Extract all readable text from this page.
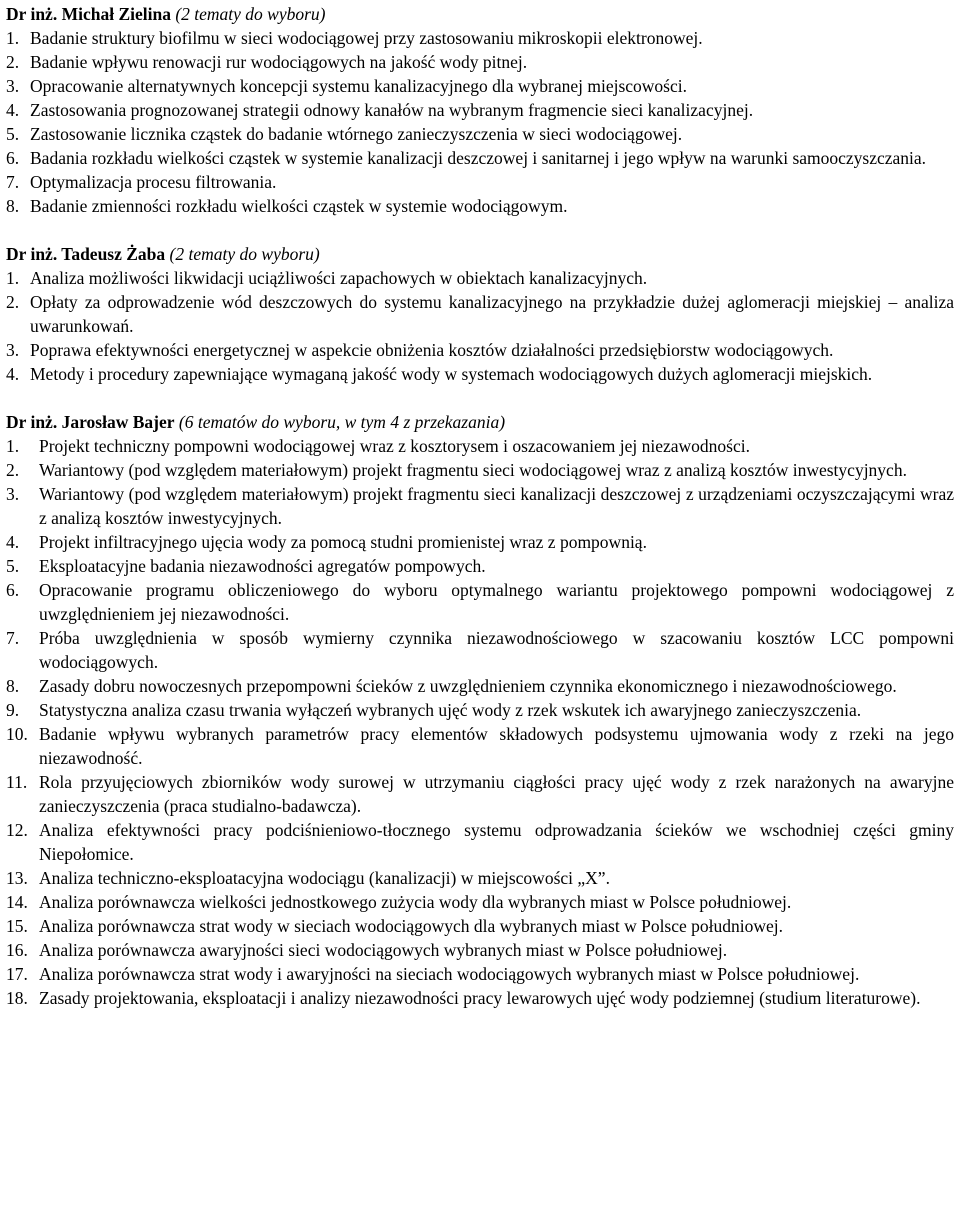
Dr inż. Michał Zielina (2 tematy do wyboru)

1. Badanie struktury biofilmu w sieci wodociągowej przy zastosowaniu mikroskopii elektronowej.
2. Badanie wpływu renowacji rur wodociągowych na jakość wody pitnej.
3. Opracowanie alternatywnych koncepcji systemu kanalizacyjnego dla wybranej miejscowości.
4. Zastosowania prognozowanej strategii odnowy kanałów na wybranym fragmencie sieci kanalizacyjnej.
5. Zastosowanie licznika cząstek do badanie wtórnego zanieczyszczenia w sieci wodociągowej.
6. Badania rozkładu wielkości cząstek w systemie kanalizacji deszczowej i sanitarnej i jego wpływ na warunki samooczyszczania.
7. Optymalizacja procesu filtrowania.
8. Badanie zmienności rozkładu wielkości cząstek w systemie wodociągowym.

Dr inż. Tadeusz Żaba (2 tematy do wyboru)

1. Analiza możliwości likwidacji uciążliwości zapachowych w obiektach kanalizacyjnych.
2. Opłaty za odprowadzenie wód deszczowych do systemu kanalizacyjnego na przykładzie dużej aglomeracji miejskiej – analiza uwarunkowań.
3. Poprawa efektywności energetycznej w aspekcie obniżenia kosztów działalności przedsiębiorstw wodociągowych.
4. Metody i procedury zapewniające wymaganą jakość wody w systemach wodociągowych dużych aglomeracji miejskich.

Dr inż. Jarosław Bajer (6 tematów do wyboru, w tym 4 z przekazania)

1.	Projekt techniczny pompowni wodociągowej wraz z kosztorysem i oszacowaniem jej niezawodności.
2.	Wariantowy (pod względem materiałowym) projekt fragmentu sieci wodociągowej wraz z analizą kosztów inwestycyjnych.
3.	Wariantowy (pod względem materiałowym) projekt fragmentu sieci kanalizacji deszczowej z urządzeniami oczyszczającymi wraz z analizą kosztów inwestycyjnych.
4.	Projekt infiltracyjnego ujęcia wody za pomocą studni promienistej wraz z pompownią.
5.	Eksploatacyjne badania niezawodności agregatów pompowych.
6.	Opracowanie programu obliczeniowego do wyboru optymalnego wariantu projektowego pompowni wodociągowej z uwzględnieniem jej niezawodności.
7.	Próba uwzględnienia w sposób wymierny czynnika niezawodnościowego w szacowaniu kosztów LCC pompowni wodociągowych.
8.	Zasady dobru nowoczesnych przepompowni ścieków z uwzględnieniem czynnika ekonomicznego i niezawodnościowego.
9.	Statystyczna analiza czasu trwania wyłączeń wybranych ujęć wody z rzek wskutek ich awaryjnego zanieczyszczenia.
10. Badanie wpływu wybranych parametrów pracy elementów składowych podsystemu ujmowania wody z rzeki na jego niezawodność.
11. Rola przyujęciowych zbiorników wody surowej w utrzymaniu ciągłości pracy ujęć wody z rzek narażonych na awaryjne zanieczyszczenia (praca studialno-badawcza).
12. Analiza efektywności pracy podciśnieniowo-tłocznego systemu odprowadzania ścieków we wschodniej części gminy Niepołomice.
13. Analiza techniczno-eksploatacyjna wodociągu (kanalizacji) w miejscowości „X”.
14. Analiza porównawcza wielkości jednostkowego zużycia wody dla wybranych miast w Polsce południowej.
15. Analiza porównawcza strat wody w sieciach wodociągowych dla wybranych miast w Polsce południowej.
16. Analiza porównawcza awaryjności sieci wodociągowych wybranych miast w Polsce południowej.
17. Analiza porównawcza strat wody i awaryjności na sieciach wodociągowych wybranych miast w Polsce południowej.
18. Zasady projektowania, eksploatacji i analizy niezawodności pracy lewarowych ujęć wody podziemnej (studium literaturowe).
